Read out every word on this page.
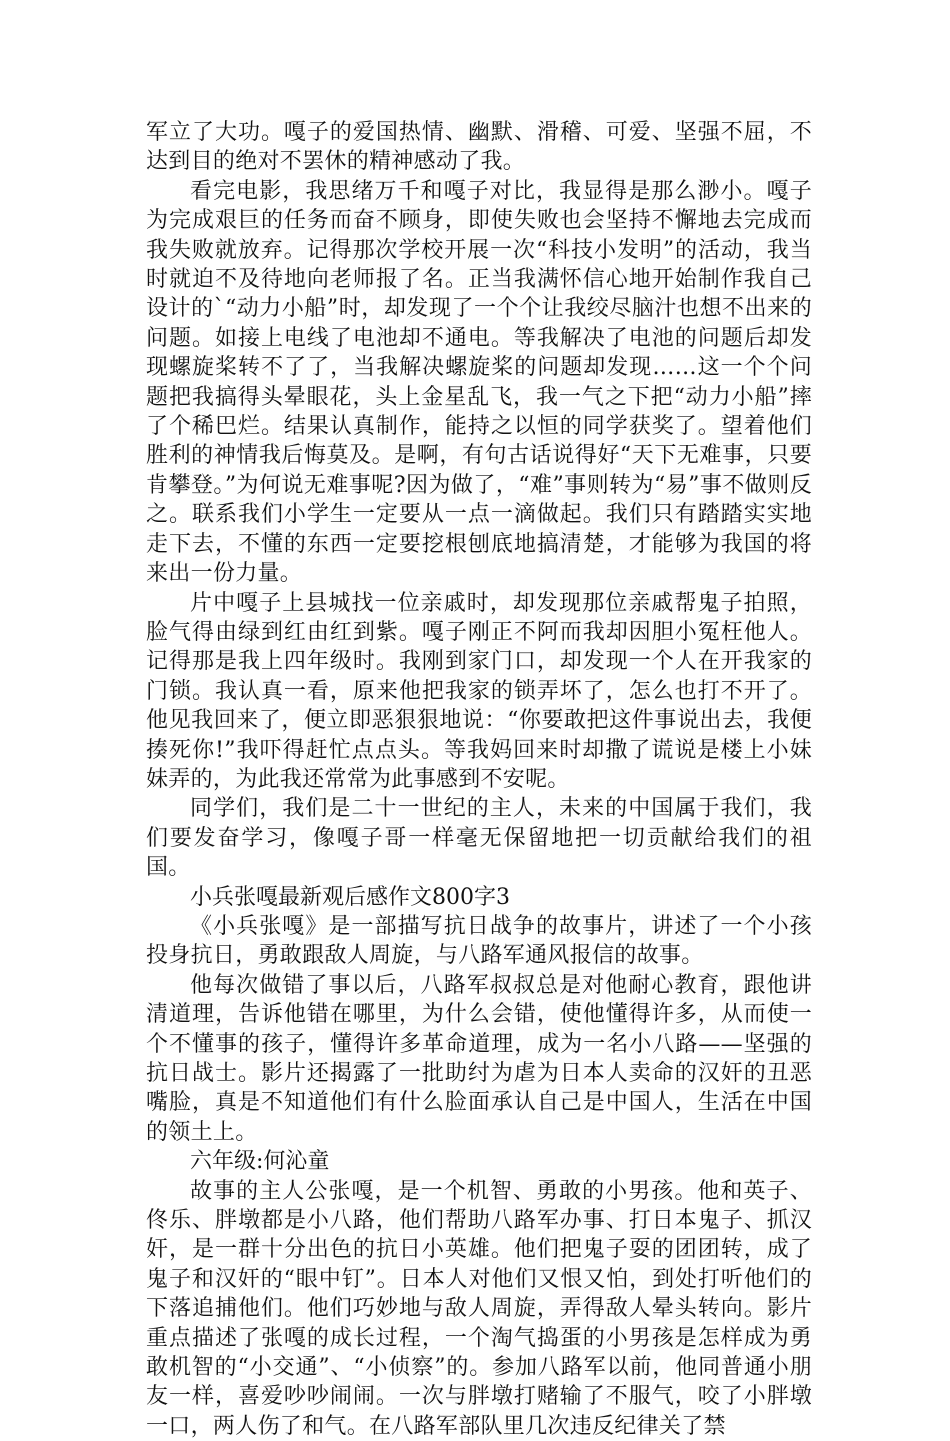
军立了大功。嘎子的爱国热情、幽默、滑稽、可爱、坚强不屈，不达到目的绝对不罢休的精神感动了我。

看完电影，我思绪万千和嘎子对比，我显得是那么渺小。嘎子为完成艰巨的任务而奋不顾身，即使失败也会坚持不懈地去完成而我失败就放弃。记得那次学校开展一次“科技小发明”的活动，我当时就迫不及待地向老师报了名。正当我满怀信心地开始制作我自己设计的`“动力小船”时，却发现了一个个让我绞尽脑汁也想不出来的问题。如接上电线了电池却不通电。等我解决了电池的问题后却发现螺旋桨转不了了，当我解决螺旋桨的问题却发现……这一个个问题把我搞得头晕眼花，头上金星乱飞，我一气之下把“动力小船”摔了个稀巴烂。结果认真制作，能持之以恒的同学获奖了。望着他们胜利的神情我后悔莫及。是啊，有句古话说得好“天下无难事，只要肯攀登。”为何说无难事呢?因为做了，“难”事则转为“易”事不做则反之。联系我们小学生一定要从一点一滴做起。我们只有踏踏实实地走下去，不懂的东西一定要挖根刨底地搞清楚，才能够为我国的将来出一份力量。

片中嘎子上县城找一位亲戚时，却发现那位亲戚帮鬼子拍照，脸气得由绿到红由红到紫。嘎子刚正不阿而我却因胆小冤枉他人。记得那是我上四年级时。我刚到家门口，却发现一个人在开我家的门锁。我认真一看，原来他把我家的锁弄坏了，怎么也打不开了。他见我回来了，便立即恶狠狠地说：“你要敢把这件事说出去，我便揍死你!”我吓得赶忙点点头。等我妈回来时却撒了谎说是楼上小妹妹弄的，为此我还常常为此事感到不安呢。

同学们，我们是二十一世纪的主人，未来的中国属于我们，我们要发奋学习，像嘎子哥一样毫无保留地把一切贡献给我们的祖国。

小兵张嘎最新观后感作文800字3

《小兵张嘎》是一部描写抗日战争的故事片，讲述了一个小孩投身抗日，勇敢跟敌人周旋，与八路军通风报信的故事。

他每次做错了事以后，八路军叔叔总是对他耐心教育，跟他讲清道理，告诉他错在哪里，为什么会错，使他懂得许多，从而使一个不懂事的孩子，懂得许多革命道理，成为一名小八路——坚强的抗日战士。影片还揭露了一批助纣为虐为日本人卖命的汉奸的丑恶嘴脸，真是不知道他们有什么脸面承认自己是中国人，生活在中国的领土上。

六年级:何沁童

故事的主人公张嘎，是一个机智、勇敢的小男孩。他和英子、佟乐、胖墩都是小八路，他们帮助八路军办事、打日本鬼子、抓汉奸，是一群十分出色的抗日小英雄。他们把鬼子耍的团团转，成了鬼子和汉奸的“眼中钉”。日本人对他们又恨又怕，到处打听他们的下落追捕他们。他们巧妙地与敌人周旋，弄得敌人晕头转向。影片重点描述了张嘎的成长过程，一个淘气捣蛋的小男孩是怎样成为勇敢机智的“小交通”、“小侦察”的。参加八路军以前，他同普通小朋友一样，喜爱吵吵闹闹。一次与胖墩打赌输了不服气，咬了小胖墩一口，两人伤了和气。在八路军部队里几次违反纪律关了禁
